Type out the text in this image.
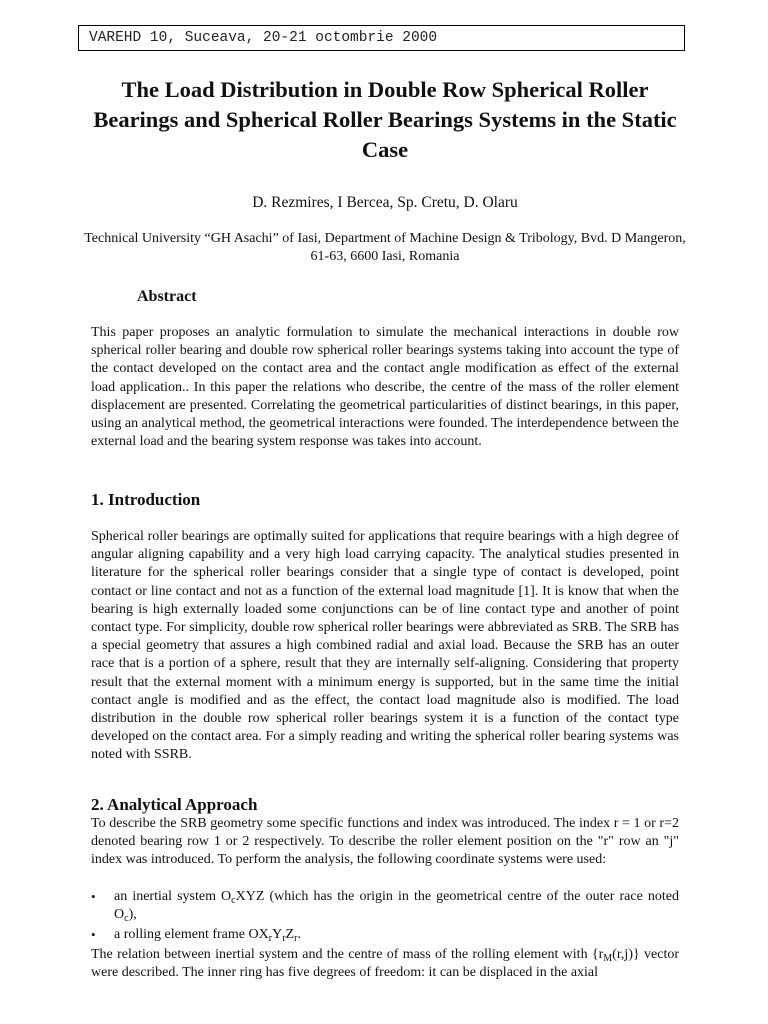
VAREHD 10, Suceava, 20-21 octombrie 2000
The Load Distribution in Double Row Spherical Roller Bearings and Spherical Roller Bearings Systems in the Static Case
D. Rezmires, I Bercea, Sp. Cretu, D. Olaru
Technical University “GH Asachi” of Iasi, Department of Machine Design & Tribology, Bvd. D Mangeron, 61-63, 6600 Iasi, Romania
Abstract
This paper proposes an analytic formulation to simulate the mechanical interactions in double row spherical roller bearing and double row spherical roller bearings systems taking into account the type of the contact developed on the contact area and the contact angle modification as effect of the external load application.. In this paper the relations who describe, the centre of the mass of the roller element displacement are presented. Correlating the geometrical particularities of distinct bearings, in this paper, using an analytical method, the geometrical interactions were founded. The interdependence between the external load and the bearing system response was takes into account.
1. Introduction
Spherical roller bearings are optimally suited for applications that require bearings with a high degree of angular aligning capability and a very high load carrying capacity. The analytical studies presented in literature for the spherical roller bearings consider that a single type of contact is developed, point contact or line contact and not as a function of the external load magnitude [1]. It is know that when the bearing is high externally loaded some conjunctions can be of line contact type and another of point contact type. For simplicity, double row spherical roller bearings were abbreviated as SRB. The SRB has a special geometry that assures a high combined radial and axial load. Because the SRB has an outer race that is a portion of a sphere, result that they are internally self-aligning. Considering that property result that the external moment with a minimum energy is supported, but in the same time the initial contact angle is modified and as the effect, the contact load magnitude also is modified. The load distribution in the double row spherical roller bearings system it is a function of the contact type developed on the contact area. For a simply reading and writing the spherical roller bearing systems was noted with SSRB.
2. Analytical Approach
To describe the SRB geometry some specific functions and index was introduced. The index r = 1 or r=2 denoted bearing row 1 or 2 respectively. To describe the roller element position on the "r" row an "j" index was introduced. To perform the analysis, the following coordinate systems were used:
• an inertial system $O_cXYZ$ (which has the origin in the geometrical centre of the outer race noted $O_c$),
• a rolling element frame $OX_rY_rZ_r$.
The relation between inertial system and the centre of mass of the rolling element with $\{r_M(r,j)\}$ vector were described. The inner ring has five degrees of freedom: it can be displaced in the axial
